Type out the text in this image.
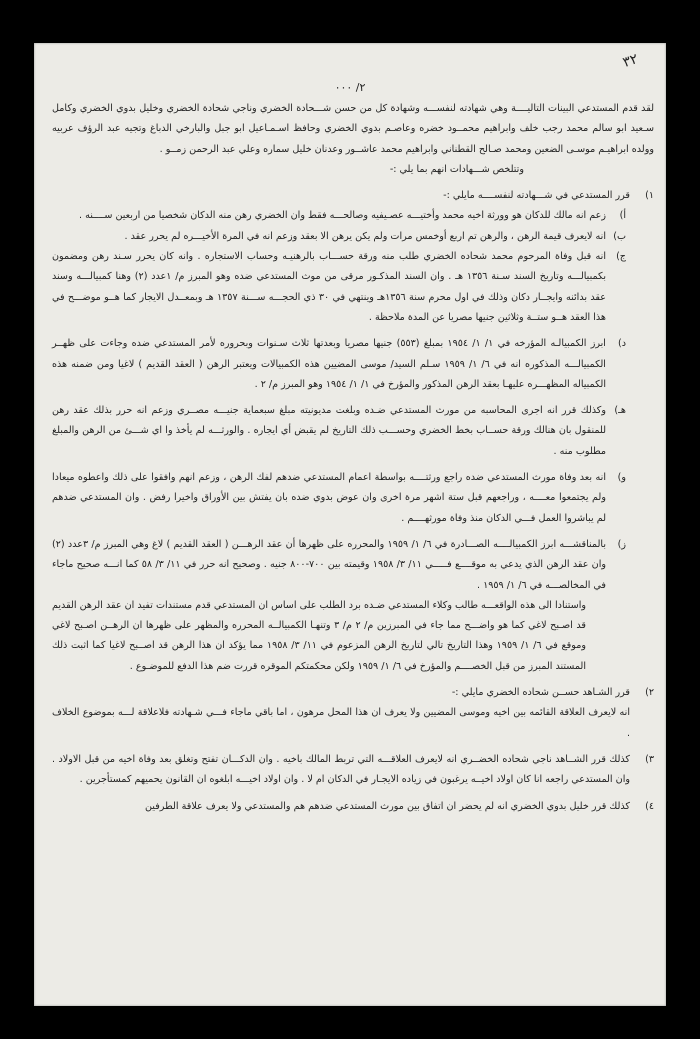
٣٢
٢/ ٠٠٠

لقد قدم المستدعي البينات التاليــــة وهي شهادته لنفســـه وشهادة كل من حسن شـــحادة الخضري وناجي شحادة الخضري وخليل بدوي الخضري وكامل سـعيد ابو سالم محمد رجب خلف وابراهيم محمــود خضره وعاصـم بدوي الخضري وحافظ اسـمـاعيل ابو جبل والبارخي الدباغ وتجيه عبد الرؤف عربيه وولده ابراهيـم موسـى الضعين ومحمد صـالح القطناني وابراهيم محمد عاشــور وعدنان خليل سماره وعلي عبد الرحمن زمــو .

وتتلخص شـــهادات انهم بما يلي :-

١)
قرر المستدعي في شـــهادته لنفســــه مايلي :-
أ)
زعم انه مالك للدكان هو وورثة اخيه محمد وأختيـــه عصـيفيه وصالحـــه فقط وان الخضري رهن منه الدكان شخصيا من اربعين ســــنه .
ب)
انه لايعرف قيمة الرهن ، والرهن تم اربع أوخمس مرات ولم يكن يرهن الا بعقد وزعم انه في المرة الأخيـــره لم يحرر عقد .
ج)
انه قبل وفاة المرحوم محمد شحاده الخضري طلب منه ورقة حســـاب بالرهنيـه وحساب الاستجاره . وانه كان يحرر سـند رهن ومضمون بكمبيالـــه وتاريخ السند سـنة ١٣٥٦ هـ . وان السند المذكـور مرقى من موث المستدعي ضده وهو المبرز م/ ١عدد (٢) وهنا كمبيالـــه وسند عقد بدائنه وايجــار دكان وذلك في اول محرم سنة ١٣٥٦هـ وينتهي في ٣٠ ذي الحجـــه ســـنة ١٣٥٧ هـ وبمعــدل الايجار كما هــو موضـــح في هذا العقد هــو ستــة وثلاثين جنيها مصريا عن المدة ملاحظة .
د)
ابرز الكمبيالـه المؤرخه في ١/ ١/ ١٩٥٤ بمبلغ (٥٥٣) جنيها مصريا وبعدتها ثلاث سـنوات وبحروره لأمر المستدعي ضده وجاءت على ظهــر الكمبيالـــه المذكوره انه في ٦/ ١/ ١٩٥٩ سـلم السيد/ موسى المضيين هذه الكمبيالات ويعتبر الرهن ( العقد القديم ) لاغيا ومن ضمنه هذه الكمبياله المظهـــره عليهـا بعقد الرهن المذكور والمؤرخ في ١/ ١/ ١٩٥٤ وهو المبرز م/ ٢ .
هـ)
وكذلك قرر انه اجرى المحاسبه من مورث المستدعي ضـده وبلغت مديونيته مبلغ سبعماية جنيـــه مصــري وزعم انه حرر بذلك عقد رهن للمنقول بان هنالك ورقة حســاب بخط الخضري وحســـب ذلك التاريخ لم يقبض أي ايجاره . والورثـــه لم يأخذ وا اي شـــئ من الرهن والمبلغ مطلوب منه .
و)
انه بعد وفاة مورث المستدعي ضده راجع ورثتــــه بواسطة اعمام المستدعي ضدهم لفك الرهن ، وزعم انهم وافقوا على ذلك واعطوه ميعادا ولم يجتمعوا معــــه ، وراجعهم قبل ستة اشهر مرة اخرى وان عوض بدوي ضده بان يفتش بين الأوراق واخيرا رفض . وان المستدعي ضدهم لم يباشروا العمل فـــي الدكان منذ وفاة مورثهــــم .
ز)
بالمناقشـــه ابرز الكمبيالــــه الصـــادرة في ٦/ ١/ ١٩٥٩ والمحرره على ظهرها أن عقد الرهـــن ( العقد القديم ) لاغ وهي المبرز م/ ٣عدد (٢) وان عقد الرهن الذي يدعي به موقــــع فـــــي ١١/ ٣/ ١٩٥٨ وقيمته بين ٧٠٠-٨٠٠ جنيه . وصحيح انه حرر في ١١/ ٣/ ٥٨ كما انـــه صحيح ماجاء في المخالصـــه في ٦/ ١/ ١٩٥٩ .
واستنادا الى هذه الواقعـــه طالب وكلاء المستدعي ضـده برد الطلب على اساس ان المستدعي قدم مستندات تفيد ان عقد الرهن القديم قد اصـبح لاغي كما هو واضـــح مما جاء في المبرزين م/ ٢ م/ ٣ وتنهـا الكمبيالــه المحرره والمظهر على ظهرها ان الرهــن اصـبح لاغي وموقع في ٦/ ١/ ١٩٥٩ وهذا التاريخ تالي لتاريخ الرهن المزعوم في ١١/ ٣/ ١٩٥٨ مما يؤكد ان هذا الرهن قد اصــبح لاغيا كما اثبت ذلك المستند المبرز من قبل الخصــــم والمؤرخ في ٦/ ١/ ١٩٥٩ ولكن محكمتكم الموقره قررت ضم هذا الدفع للموضـوع .
٢)
قرر الشـاهد حســن شحاده الخضري مايلي :-
انه لايعرف العلاقة القائمه بين اخيه وموسى المضيين ولا يعرف ان هذا المحل مرهون ، اما باقي ماجاء فـــي شـهادته فلاعلاقة لـــه بموضوع الخلاف .
٣)
كذلك قرر الشــاهد ناجي شحاده الخضــري انه لايعرف العلاقـــه التي تربط المالك باخيه . وان الدكـــان تفتح وتغلق بعد وفاة اخيه من قبل الاولاد . وان المستدعي راجعه انا كان اولاد اخيــه يرغبون في زياده الايجـار في الدكان ام لا . وان اولاد اخيـــه ابلغوه ان القانون يحميهم كمستأجرين .
٤)
كذلك قرر خليل بدوي الخضري انه لم يحضر ان اتفاق بين مورث المستدعي ضدهم هم والمستدعي ولا يعرف علاقة الطرفين
